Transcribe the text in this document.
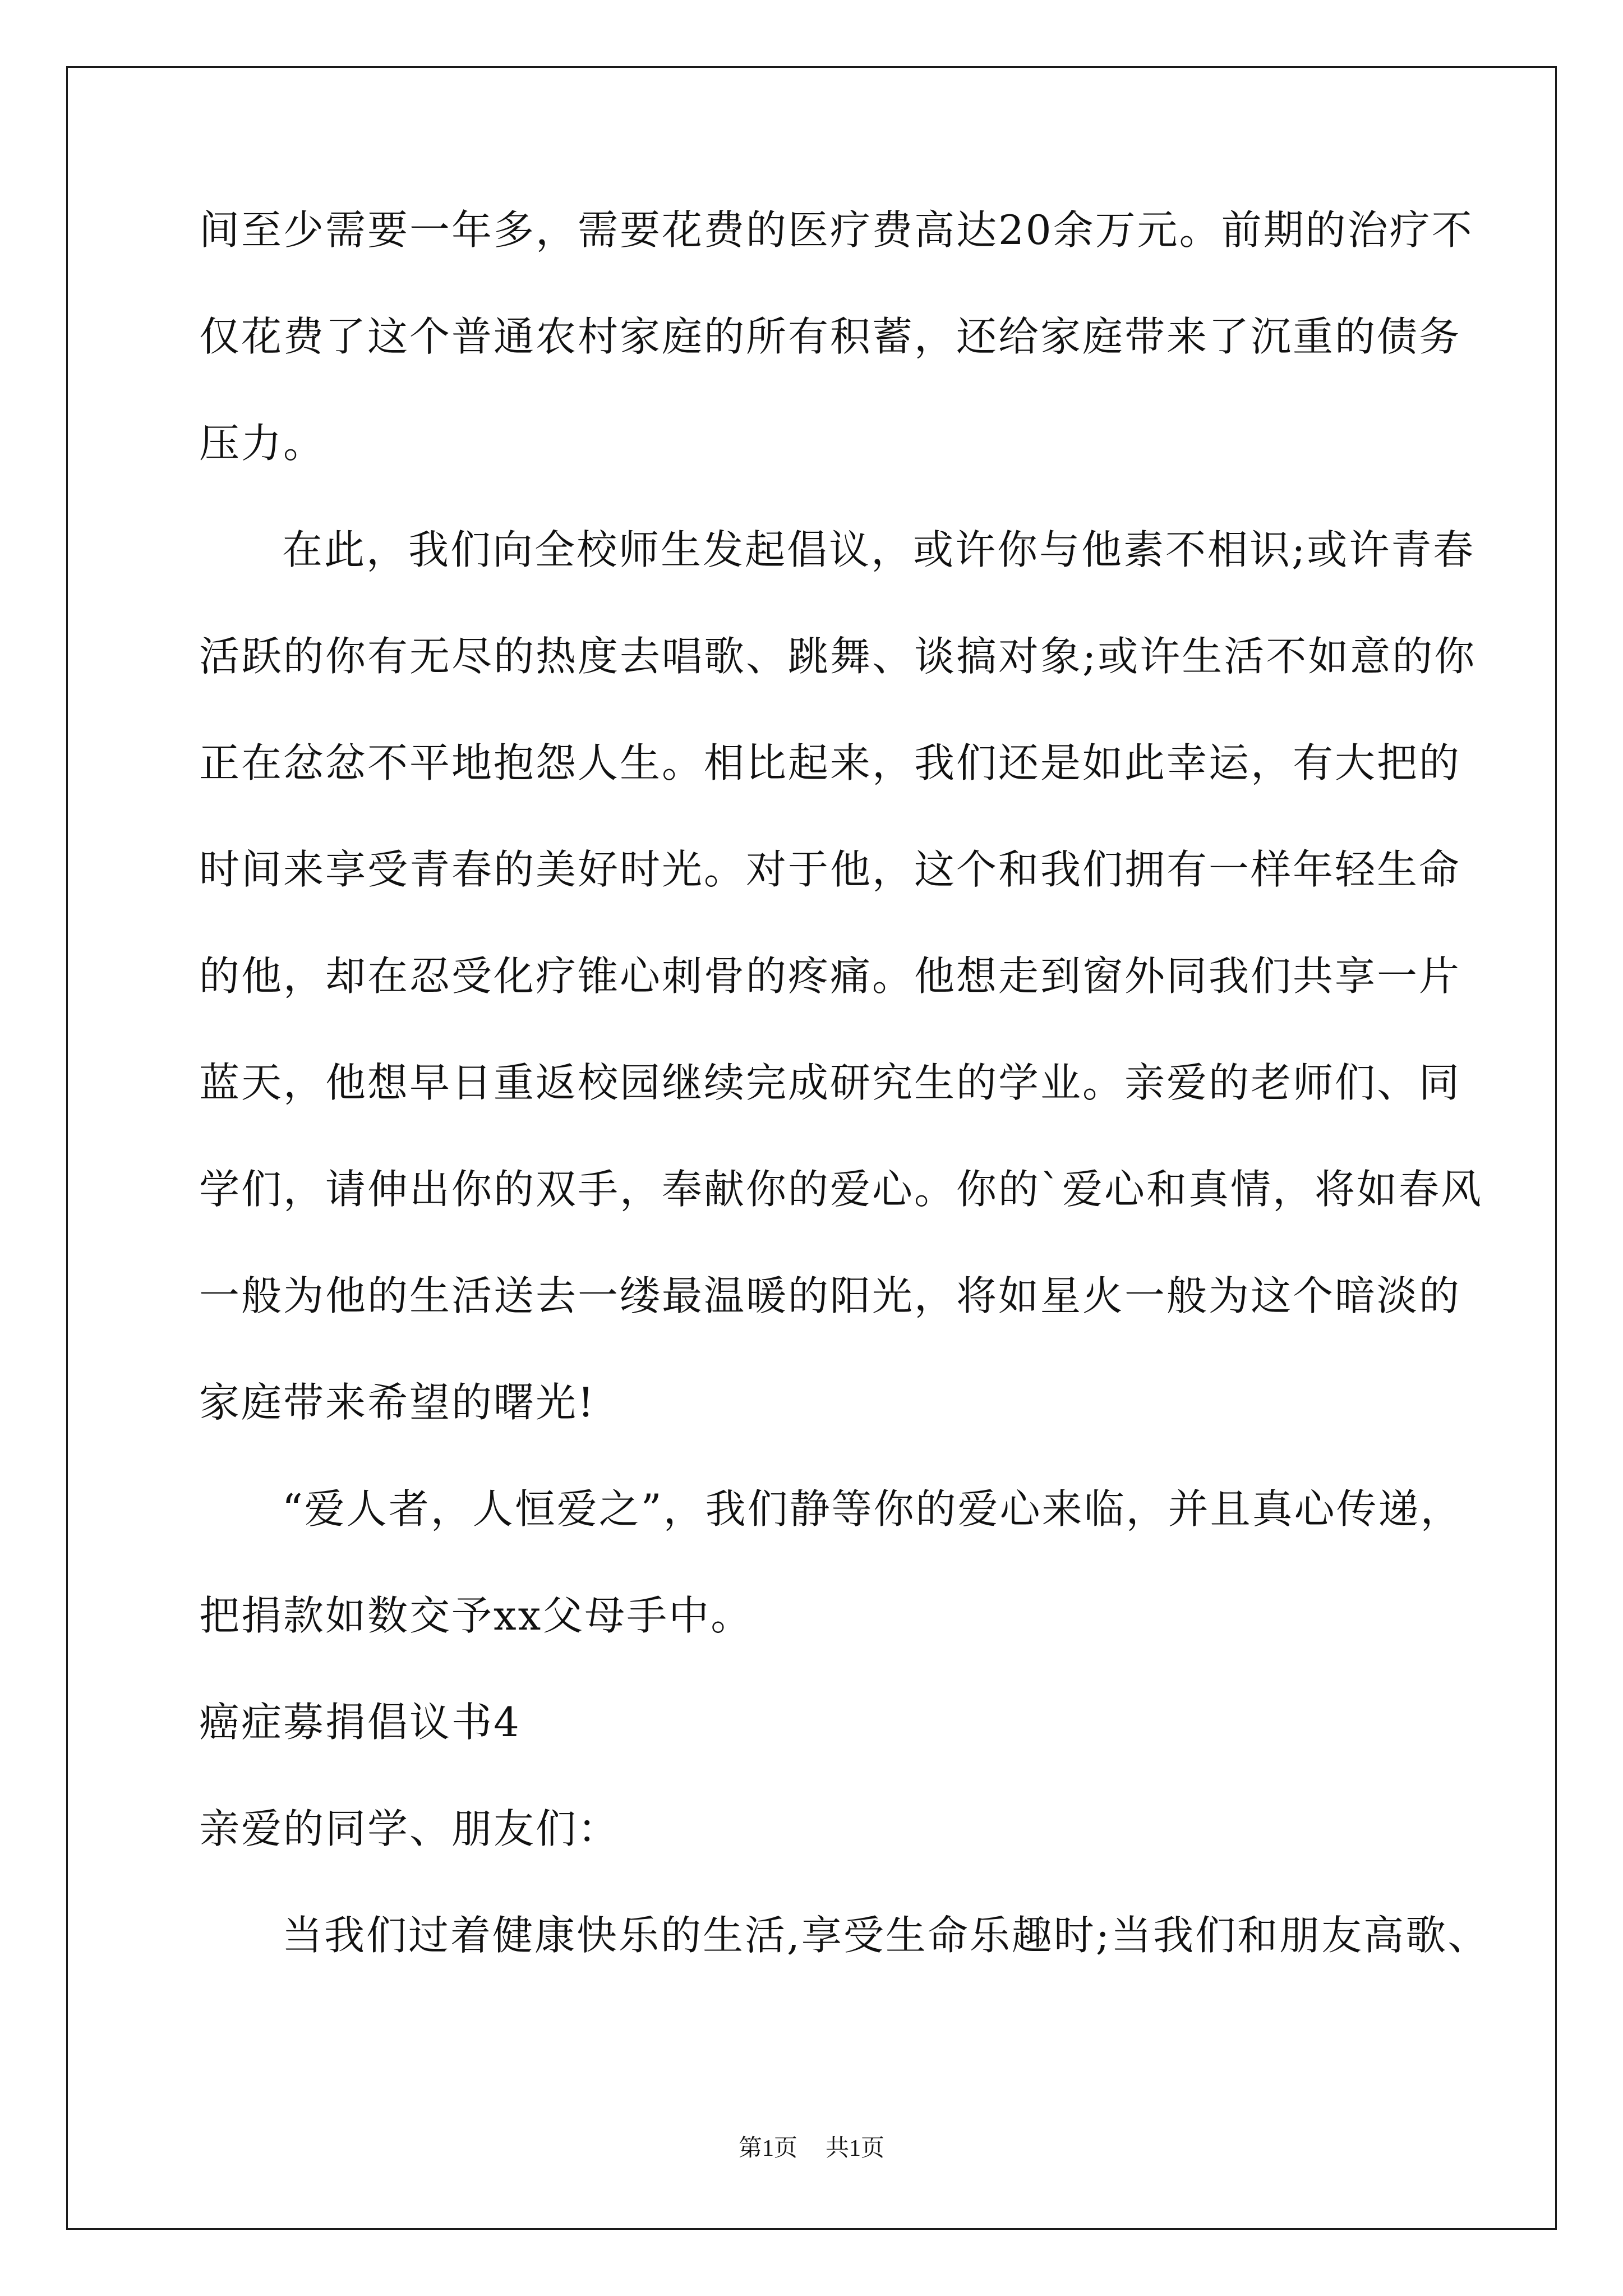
间至少需要一年多，需要花费的医疗费高达20余万元。前期的治疗不
仅花费了这个普通农村家庭的所有积蓄，还给家庭带来了沉重的债务
压力。
在此，我们向全校师生发起倡议，或许你与他素不相识;或许青春
活跃的你有无尽的热度去唱歌、跳舞、谈搞对象;或许生活不如意的你
正在忿忿不平地抱怨人生。相比起来，我们还是如此幸运，有大把的
时间来享受青春的美好时光。对于他，这个和我们拥有一样年轻生命
的他，却在忍受化疗锥心刺骨的疼痛。他想走到窗外同我们共享一片
蓝天，他想早日重返校园继续完成研究生的学业。亲爱的老师们、同
学们，请伸出你的双手，奉献你的爱心。你的`爱心和真情，将如春风
一般为他的生活送去一缕最温暖的阳光，将如星火一般为这个暗淡的
家庭带来希望的曙光!
“爱人者，人恒爱之”，我们静等你的爱心来临，并且真心传递，
把捐款如数交予xx父母手中。
癌症募捐倡议书4
亲爱的同学、朋友们：
当我们过着健康快乐的生活,享受生命乐趣时;当我们和朋友高歌、
第1页 共1页
